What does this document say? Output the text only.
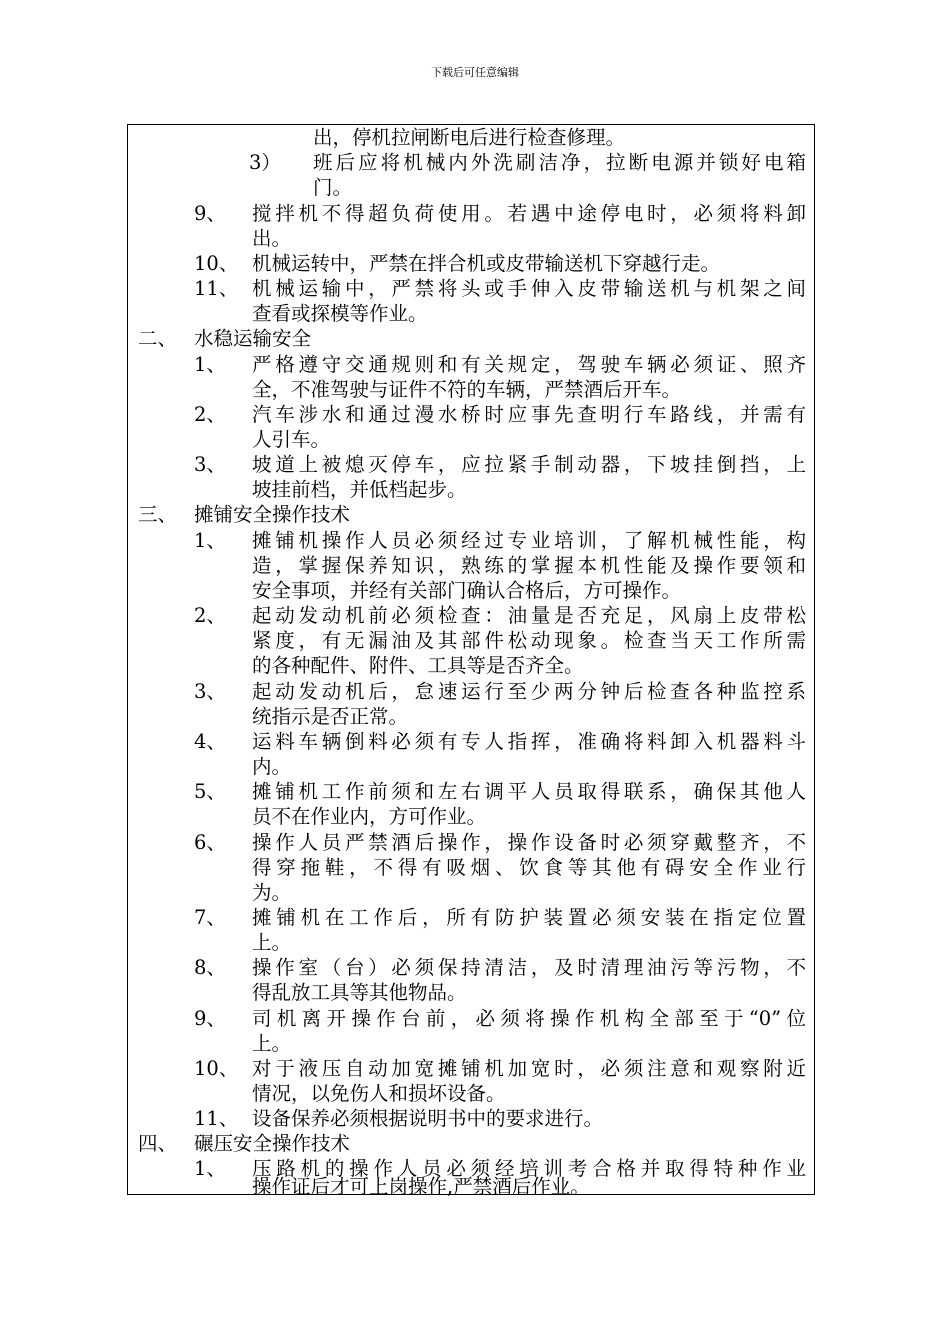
下载后可任意编辑
出，停机拉闸断电后进行检查修理。
3） 班后应将机械内外洗刷洁净，拉断电源并锁好电箱
门。
9、 搅拌机不得超负荷使用。若遇中途停电时，必须将料卸
出。
10、 机械运转中，严禁在拌合机或皮带输送机下穿越行走。
11、 机械运输中，严禁将头或手伸入皮带输送机与机架之间
查看或探模等作业。
二、 水稳运输安全
1、 严格遵守交通规则和有关规定，驾驶车辆必须证、照齐
全，不准驾驶与证件不符的车辆，严禁酒后开车。
2、 汽车涉水和通过漫水桥时应事先查明行车路线，并需有
人引车。
3、 坡道上被熄灭停车，应拉紧手制动器，下坡挂倒挡，上
坡挂前档，并低档起步。
三、 摊铺安全操作技术
1、 摊铺机操作人员必须经过专业培训，了解机械性能，构
造，掌握保养知识，熟练的掌握本机性能及操作要领和
安全事项，并经有关部门确认合格后，方可操作。
2、 起动发动机前必须检查：油量是否充足，风扇上皮带松
紧度，有无漏油及其部件松动现象。检查当天工作所需
的各种配件、附件、工具等是否齐全。
3、 起动发动机后，怠速运行至少两分钟后检查各种监控系
统指示是否正常。
4、 运料车辆倒料必须有专人指挥，准确将料卸入机器料斗
内。
5、 摊铺机工作前须和左右调平人员取得联系，确保其他人
员不在作业内，方可作业。
6、 操作人员严禁酒后操作，操作设备时必须穿戴整齐，不
得穿拖鞋，不得有吸烟、饮食等其他有碍安全作业行
为。
7、 摊铺机在工作后，所有防护装置必须安装在指定位置
上。
8、 操作室（台）必须保持清洁，及时清理油污等污物，不
得乱放工具等其他物品。
9、 司机离开操作台前，必须将操作机构全部至于“0”位
上。
10、 对于液压自动加宽摊铺机加宽时，必须注意和观察附近
情况，以免伤人和损坏设备。
11、 设备保养必须根据说明书中的要求进行。
四、 碾压安全操作技术
1、 压路机的操作人员必须经培训考合格并取得特种作业
操作证后才可上岗操作,严禁酒后作业。
